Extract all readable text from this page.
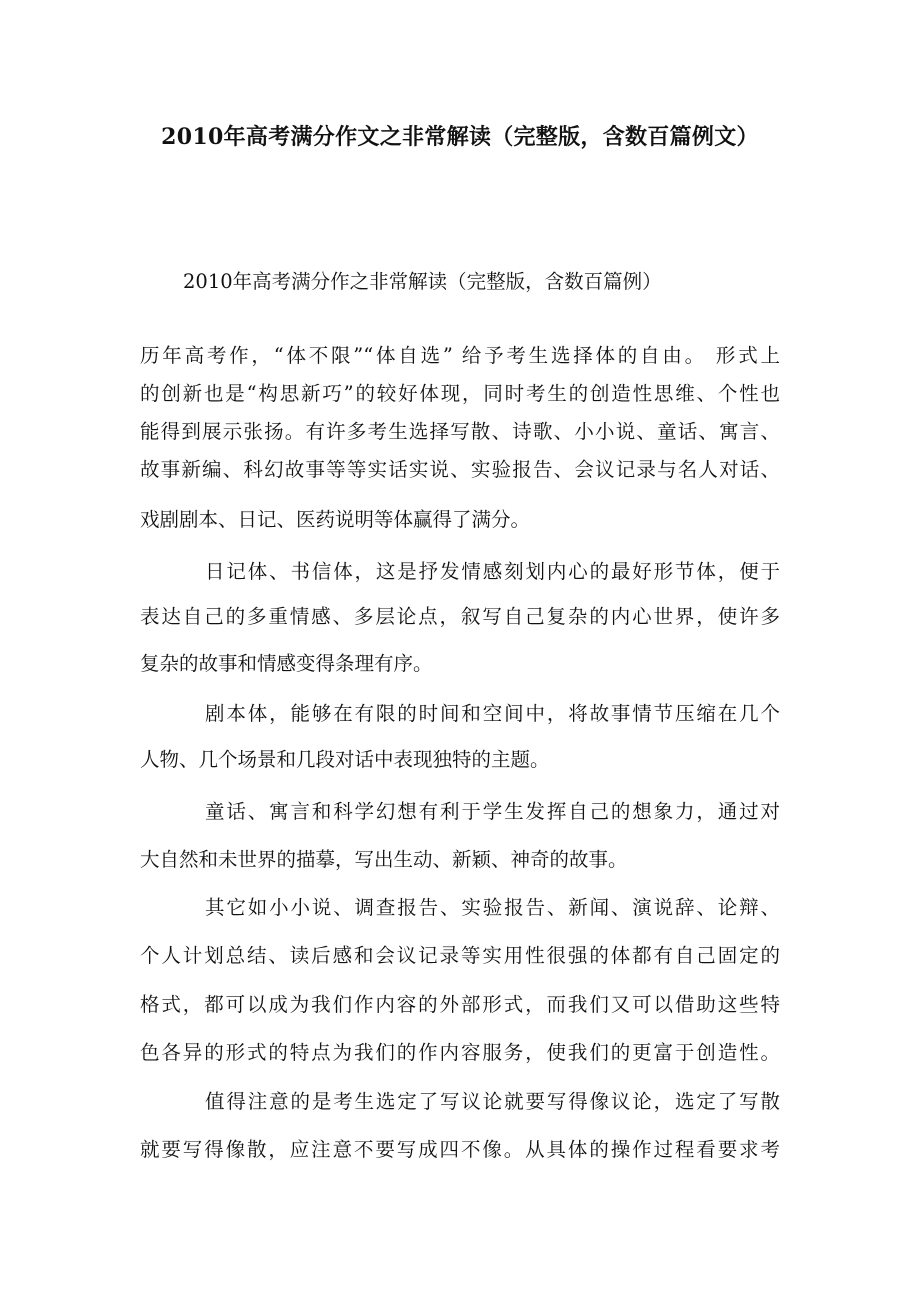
2010年高考满分作文之非常解读（完整版，含数百篇例文）
2010年高考满分作之非常解读（完整版，含数百篇例）
历年高考作，“体不限”“体自选” 给予考生选择体的自由。 形式上
的创新也是“构思新巧”的较好体现，同时考生的创造性思维、个性也
能得到展示张扬。有许多考生选择写散、诗歌、小小说、童话、寓言、
故事新编、科幻故事等等实话实说、实验报告、会议记录与名人对话、
戏剧剧本、日记、医药说明等体赢得了满分。
日记体、书信体，这是抒发情感刻划内心的最好形节体，便于
表达自己的多重情感、多层论点，叙写自己复杂的内心世界，使许多
复杂的故事和情感变得条理有序。
剧本体，能够在有限的时间和空间中，将故事情节压缩在几个
人物、几个场景和几段对话中表现独特的主题。
童话、寓言和科学幻想有利于学生发挥自己的想象力，通过对
大自然和未世界的描摹，写出生动、新颖、神奇的故事。
其它如小小说、调查报告、实验报告、新闻、演说辞、论辩、
个人计划总结、读后感和会议记录等实用性很强的体都有自己固定的
格式，都可以成为我们作内容的外部形式，而我们又可以借助这些特
色各异的形式的特点为我们的作内容服务，使我们的更富于创造性。
值得注意的是考生选定了写议论就要写得像议论，选定了写散
就要写得像散，应注意不要写成四不像。从具体的操作过程看要求考
